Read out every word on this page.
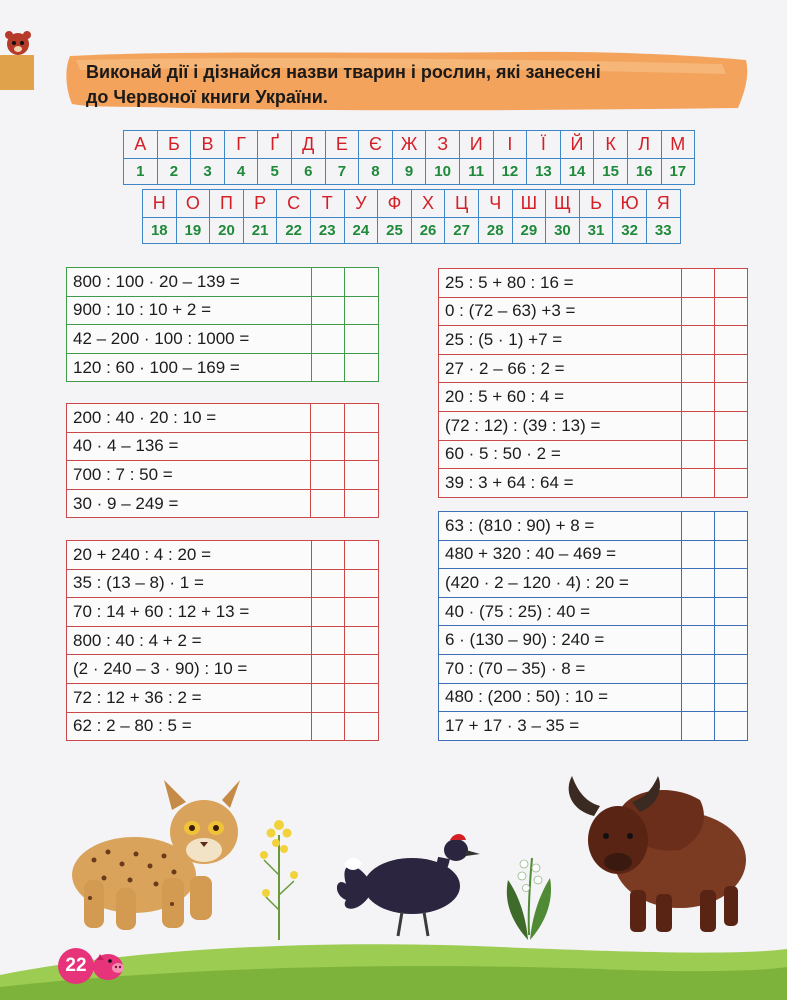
Виконай дії і дізнайся назви тварин і рослин, які занесені
до Червоної книги України.
А	Б	В	Г	Ґ	Д	Е	Є	Ж	З	И	І	Ї	Й	К	Л	М
1	2	3	4	5	6	7	8	9	10	11	12	13	14	15	16	17
Н	О	П	Р	С	Т	У	Ф	Х	Ц	Ч	Ш	Щ	Ь	Ю	Я
18	19	20	21	22	23	24	25	26	27	28	29	30	31	32	33
800 : 100 · 20 – 139 =		
900 : 10 : 10 + 2 =		
42 – 200 · 100 : 1000 =		
120 : 60 · 100 – 169 =		
200 : 40 · 20 : 10 =		
40 · 4 – 136 =		
700 : 7 : 50 =		
30 · 9 – 249 =		
20 + 240 : 4 : 20 =		
35 : (13 – 8) · 1 =		
70 : 14 + 60 : 12 + 13 =		
800 : 40 : 4 + 2 =		
(2 · 240 – 3 · 90) : 10 =		
72 : 12 + 36 : 2 =		
62 : 2 – 80 : 5 =		
25 : 5 + 80 : 16 =		
0 : (72 – 63) +3 =		
25 : (5 · 1) +7 =		
27 · 2 – 66 : 2 =		
20 : 5 + 60 : 4 =		
(72 : 12) : (39 : 13) =		
60 · 5 : 50 · 2 =		
39 : 3 + 64 : 64 =		
63 : (810 : 90) + 8 =		
480 + 320 : 40 – 469 =		
(420 · 2 – 120 · 4) : 20 =		
40 · (75 : 25) : 40 =		
6 · (130 – 90) : 240 =		
70 : (70 – 35) · 8 =		
480 : (200 : 50) : 10 =		
17 + 17 · 3 – 35 =		
22
